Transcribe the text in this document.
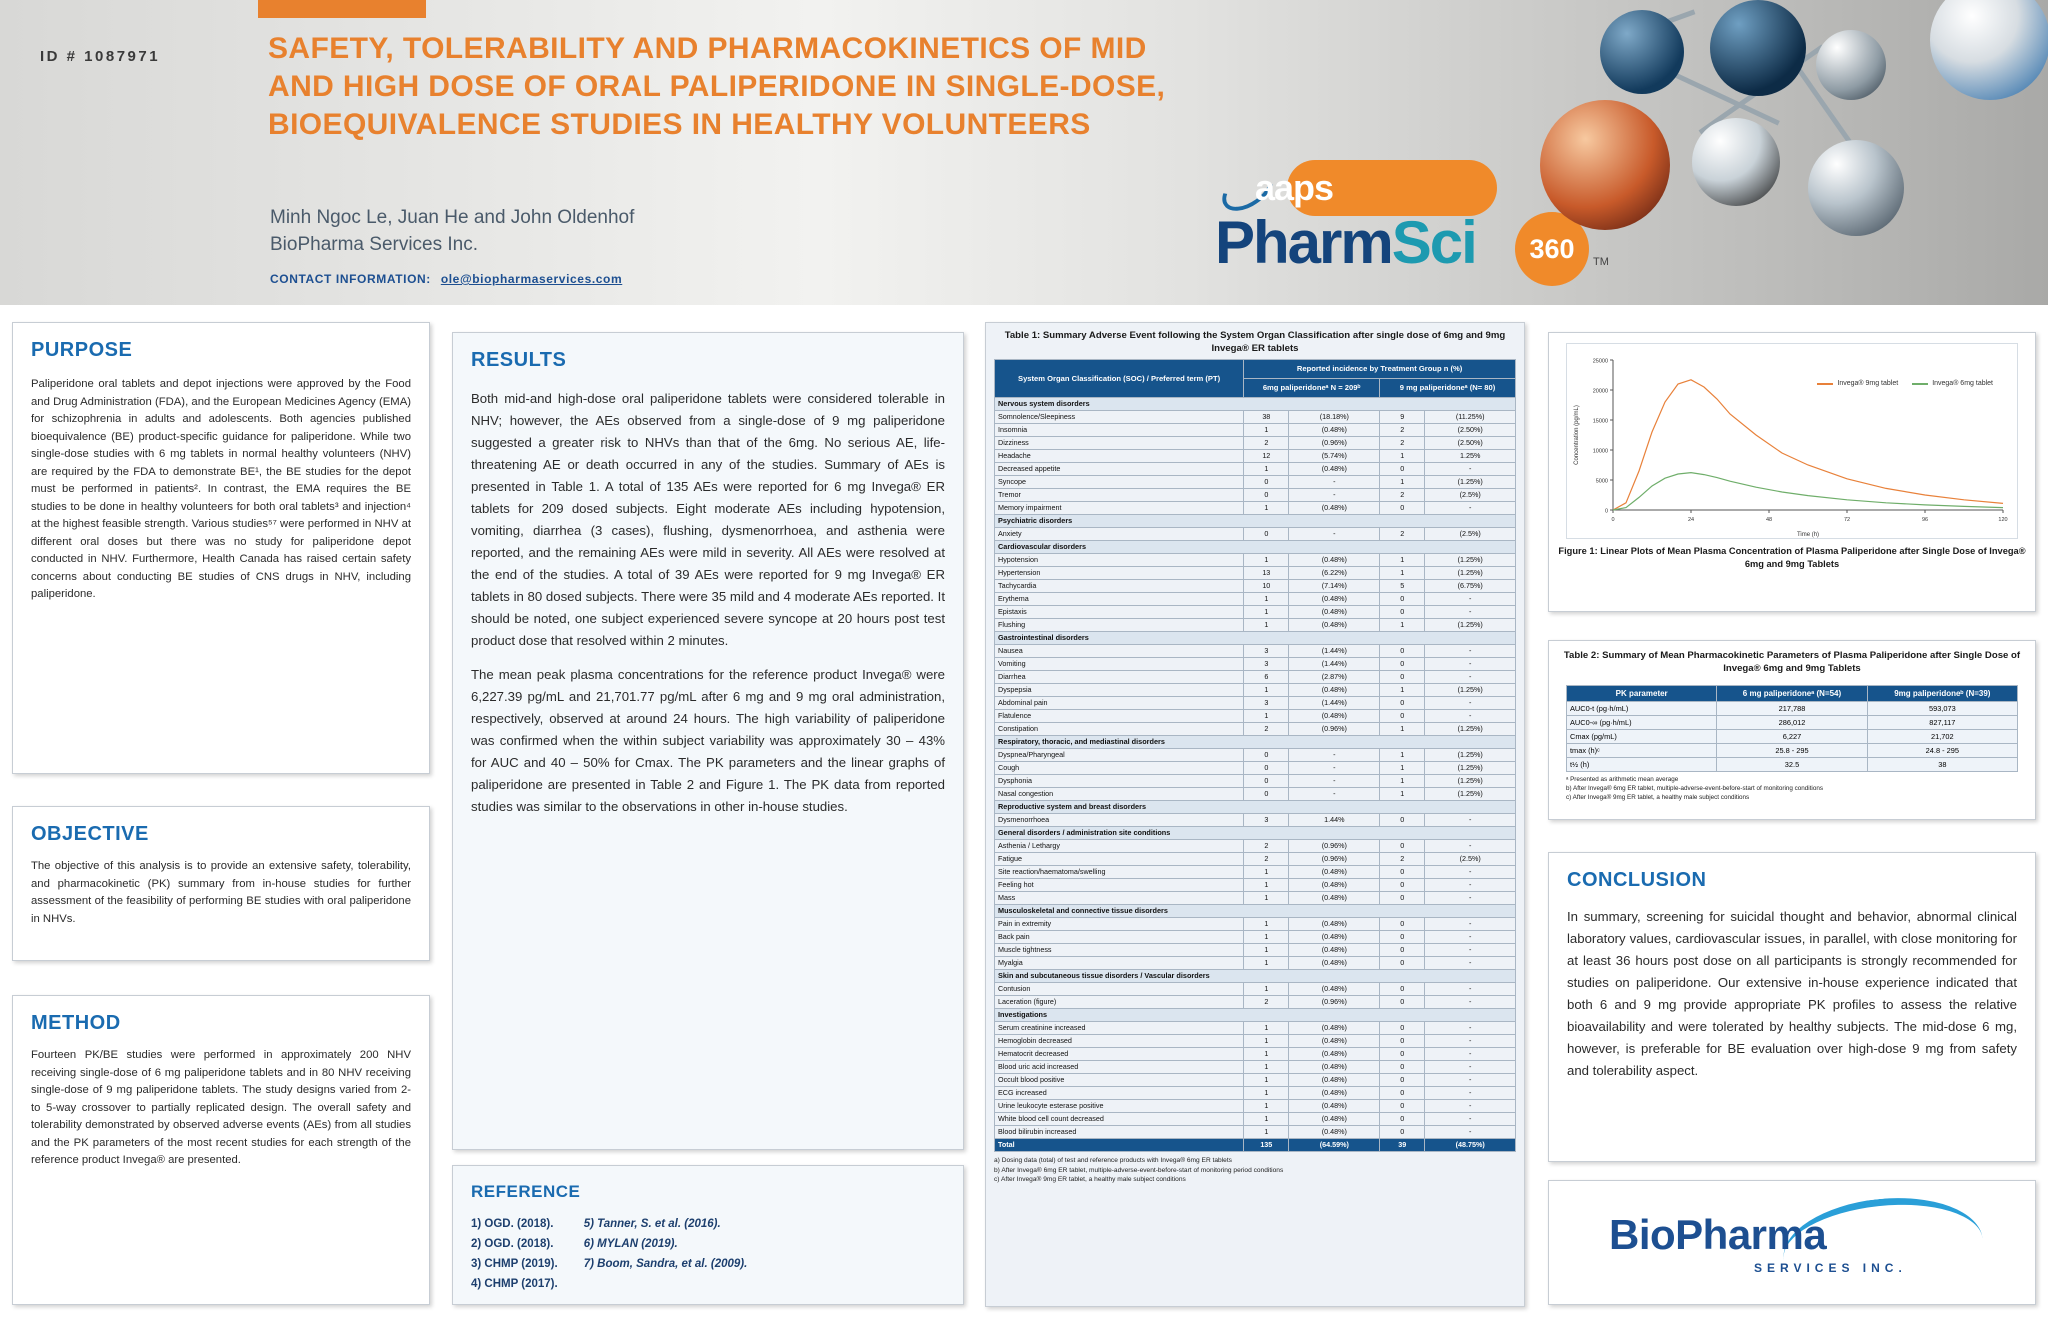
ID # 1087971	SAFETY, TOLERABILITY AND PHARMACOKINETICS OF MID AND HIGH DOSE OF ORAL PALIPERIDONE IN SINGLE-DOSE, BIOEQUIVALENCE STUDIES IN HEALTHY VOLUNTEERS
Minh Ngoc Le, Juan He and John Oldenhof
BioPharma Services Inc.
CONTACT INFORMATION: ole@biopharmaservices.com
aaps
PharmSci	360	TM
PURPOSE
Paliperidone oral tablets and depot injections were approved by the Food and Drug Administration (FDA), and the European Medicines Agency (EMA) for schizophrenia in adults and adolescents. Both agencies published bioequivalence (BE) product-specific guidance for paliperidone. While two single-dose studies with 6 mg tablets in normal healthy volunteers (NHV) are required by the FDA to demonstrate BE¹, the BE studies for the depot must be performed in patients². In contrast, the EMA requires the BE studies to be done in healthy volunteers for both oral tablets³ and injection⁴ at the highest feasible strength. Various studies⁵⁷ were performed in NHV at different oral doses but there was no study for paliperidone depot conducted in NHV. Furthermore, Health Canada has raised certain safety concerns about conducting BE studies of CNS drugs in NHV, including paliperidone.
OBJECTIVE
The objective of this analysis is to provide an extensive safety, tolerability, and pharmacokinetic (PK) summary from in-house studies for further assessment of the feasibility of performing BE studies with oral paliperidone in NHVs.
METHOD
Fourteen PK/BE studies were performed in approximately 200 NHV receiving single-dose of 6 mg paliperidone tablets and in 80 NHV receiving single-dose of 9 mg paliperidone tablets. The study designs varied from 2- to 5-way crossover to partially replicated design. The overall safety and tolerability demonstrated by observed adverse events (AEs) from all studies and the PK parameters of the most recent studies for each strength of the reference product Invega® are presented.
RESULTS

Both mid-and high-dose oral paliperidone tablets were considered tolerable in NHV; however, the AEs observed from a single-dose of 9 mg paliperidone suggested a greater risk to NHVs than that of the 6mg. No serious AE, life-threatening AE or death occurred in any of the studies. Summary of AEs is presented in Table 1. A total of 135 AEs were reported for 6 mg Invega® ER tablets for 209 dosed subjects. Eight moderate AEs including hypotension, vomiting, diarrhea (3 cases), flushing, dysmenorrhoea, and asthenia were reported, and the remaining AEs were mild in severity. All AEs were resolved at the end of the studies. A total of 39 AEs were reported for 9 mg Invega® ER tablets in 80 dosed subjects. There were 35 mild and 4 moderate AEs reported. It should be noted, one subject experienced severe syncope at 20 hours post test product dose that resolved within 2 minutes.

The mean peak plasma concentrations for the reference product Invega® were 6,227.39 pg/mL and 21,701.77 pg/mL after 6 mg and 9 mg oral administration, respectively, observed at around 24 hours. The high variability of paliperidone was confirmed when the within subject variability was approximately 30 – 43% for AUC and 40 – 50% for Cmax. The PK parameters and the linear graphs of paliperidone are presented in Table 2 and Figure 1. The PK data from reported studies was similar to the observations in other in-house studies.

REFERENCE
1) OGD. (2018).
2) OGD. (2018).
3) CHMP (2019).
4) CHMP (2017).
5) Tanner, S. et al. (2016).
6) MYLAN (2019).
7) Boom, Sandra, et al. (2009).
Table 1: Summary Adverse Event following the System Organ Classification after single dose of 6mg and 9mg Invega® ER tablets
System Organ Classification (SOC) / Preferred term (PT)	Reported incidence by Treatment Group n (%)			
	6mg paliperidoneᵃ N = 209ᵇ		9 mg paliperidoneᵃ (N= 80)	
Nervous system disorders				
Somnolence/Sleepiness	38	(18.18%)	9	(11.25%)
Insomnia	1	(0.48%)	2	(2.50%)
Dizziness	2	(0.96%)	2	(2.50%)
Headache	12	(5.74%)	1	1.25%
Decreased appetite	1	(0.48%)	0	-
Syncope	0	-	1	(1.25%)
Tremor	0	-	2	(2.5%)
Memory impairment	1	(0.48%)	0	-
Psychiatric disorders				
Anxiety	0	-	2	(2.5%)
Cardiovascular disorders				
Hypotension	1	(0.48%)	1	(1.25%)
Hypertension	13	(6.22%)	1	(1.25%)
Tachycardia	10	(7.14%)	5	(6.75%)
Erythema	1	(0.48%)	0	-
Epistaxis	1	(0.48%)	0	-
Flushing	1	(0.48%)	1	(1.25%)
Gastrointestinal disorders				
Nausea	3	(1.44%)	0	-
Vomiting	3	(1.44%)	0	-
Diarrhea	6	(2.87%)	0	-
Dyspepsia	1	(0.48%)	1	(1.25%)
Abdominal pain	3	(1.44%)	0	-
Flatulence	1	(0.48%)	0	-
Constipation	2	(0.96%)	1	(1.25%)
Respiratory, thoracic, and mediastinal disorders				
Dyspnea/Pharyngeal	0	-	1	(1.25%)
Cough	0	-	1	(1.25%)
Dysphonia	0	-	1	(1.25%)
Nasal congestion	0	-	1	(1.25%)
Reproductive system and breast disorders				
Dysmenorrhoea	3	1.44%	0	-
General disorders / administration site conditions				
Asthenia / Lethargy	2	(0.96%)	0	-
Fatigue	2	(0.96%)	2	(2.5%)
Site reaction/haematoma/swelling	1	(0.48%)	0	-
Feeling hot	1	(0.48%)	0	-
Mass	1	(0.48%)	0	-
Musculoskeletal and connective tissue disorders				
Pain in extremity	1	(0.48%)	0	-
Back pain	1	(0.48%)	0	-
Muscle tightness	1	(0.48%)	0	-
Myalgia	1	(0.48%)	0	-
Skin and subcutaneous tissue disorders / Vascular disorders				
Contusion	1	(0.48%)	0	-
Laceration (figure)	2	(0.96%)	0	-
Investigations				
Serum creatinine increased	1	(0.48%)	0	-
Hemoglobin decreased	1	(0.48%)	0	-
Hematocrit decreased	1	(0.48%)	0	-
Blood uric acid increased	1	(0.48%)	0	-
Occult blood positive	1	(0.48%)	0	-
ECG increased	1	(0.48%)	0	-
Urine leukocyte esterase positive	1	(0.48%)	0	-
White blood cell count decreased	1	(0.48%)	0	-
Blood bilirubin increased	1	(0.48%)	0	-
Total	135	(64.59%)	39	(48.75%)
a) Dosing data (total) of test and reference products with Invega® 6mg ER tablets
b) After Invega® 6mg ER tablet, multiple-adverse-event-before-start of monitoring period conditions
c) After Invega® 9mg ER tablet, a healthy male subject conditions
0
5000
10000
15000
20000
25000
0	24	48	72	96	120
Time (h)
Concentration (pg/mL)
Invega® 9mg tablet	Invega® 6mg tablet
Figure 1: Linear Plots of Mean Plasma Concentration of Plasma Paliperidone after Single Dose of Invega® 6mg and 9mg Tablets
Table 2: Summary of Mean Pharmacokinetic Parameters of Plasma Paliperidone after Single Dose of Invega® 6mg and 9mg Tablets
PK parameter	6 mg paliperidoneᵃ (N=54)	9mg paliperidoneᵇ (N=39)
AUC0-t (pg·h/mL)	217,788	593,073
AUC0-∞ (pg·h/mL)	286,012	827,117
Cmax (pg/mL)	6,227	21,702
tmax (h)ᶜ	25.8 - 295	24.8 - 295
t½ (h)	32.5	38
ᵃ Presented as arithmetic mean average
b) After Invega® 6mg ER tablet, multiple-adverse-event-before-start of monitoring conditions
c) After Invega® 9mg ER tablet, a healthy male subject conditions
CONCLUSION
In summary, screening for suicidal thought and behavior, abnormal clinical laboratory values, cardiovascular issues, in parallel, with close monitoring for at least 36 hours post dose on all participants is strongly recommended for studies on paliperidone. Our extensive in-house experience indicated that both 6 and 9 mg provide appropriate PK profiles to assess the relative bioavailability and were tolerated by healthy subjects. The mid-dose 6 mg, however, is preferable for BE evaluation over high-dose 9 mg from safety and tolerability aspect.
BioPharma
SERVICES INC.
